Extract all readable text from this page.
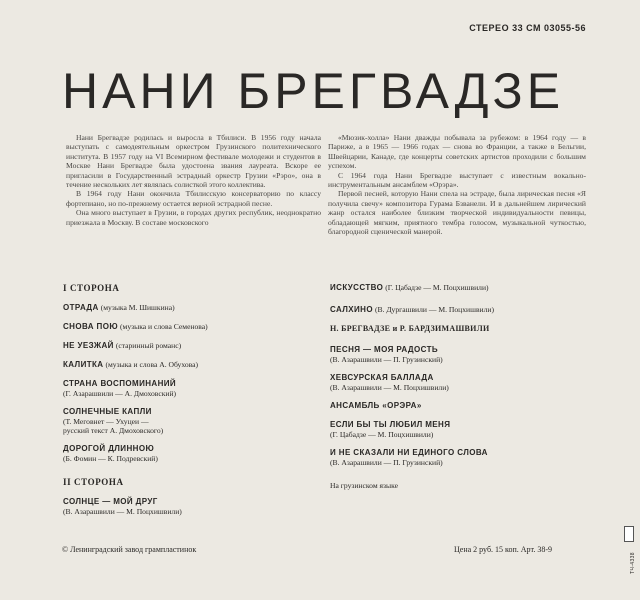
СТЕРЕО 33 СМ 03055-56
НАНИ БРЕГВАДЗЕ

Нани Брегвадзе родилась и выросла в Тбилиси. В 1956 году начала выступать с самодеятельным оркестром Грузинского политехнического института. В 1957 году на VI Всемирном фестивале молодежи и студентов в Москве Нани Брегвадзе была удостоена звания лауреата. Вскоре ее пригласили в Государственный эстрадный оркестр Грузии «Рэро», она в течение нескольких лет являлась солисткой этого коллектива.

В 1964 году Нани окончила Тбилисскую консерваторию по классу фортепиано, но по-прежнему остается верной эстрадной песне.

Она много выступает в Грузии, в городах других республик, неоднократно приезжала в Москву. В составе московского

«Мюзик-холла» Нани дважды побывала за рубежом: в 1964 году — в Париже, а в 1965 — 1966 годах — снова во Франции, а также в Бельгии, Швейцарии, Канаде, где концерты советских артистов проходили с большим успехом.

С 1964 года Нани Брегвадзе выступает с известным вокально-инструментальным ансамблем «Орэра».

Первой песней, которую Нани спела на эстраде, была лирическая песня «Я получила свечу» композитора Гурама Бзванели. И в дальнейшем лирический жанр остался наиболее близким творческой индивидуальности певицы, обладающей мягким, приятного тембра голосом, музыкальной чуткостью, благородной сценической манерой.

I СТОРОНА
ОТРАДА (музыка М. Шишкина)
СНОВА ПОЮ (музыка и слова Семенова)
НЕ УЕЗЖАЙ (старинный романс)
КАЛИТКА (музыка и слова А. Обухова)
СТРАНА ВОСПОМИНАНИЙ
(Г. Азарашвили — А. Дмоховский)
СОЛНЕЧНЫЕ КАПЛИ
(Т. Меговнет — Ухуцеи —
русский текст А. Дмоховского)
ДОРОГОЙ ДЛИННОЮ
(Б. Фомин — К. Подревский)
II СТОРОНА
СОЛНЦЕ — МОЙ ДРУГ
(В. Азарашвили — М. Поцхишвили)
ИСКУССТВО (Г. Цабадзе — М. Поцхишвили)
САЛХИНО (В. Дургашвили — М. Поцхишвили)
Н. БРЕГВАДЗЕ и Р. БАРДЗИМАШВИЛИ
ПЕСНЯ — МОЯ РАДОСТЬ
(В. Азарашвили — П. Грузинский)
ХЕВСУРСКАЯ БАЛЛАДА
(В. Азарашвили — М. Поцхишвили)
АНСАМБЛЬ «ОРЭРА»
ЕСЛИ БЫ ТЫ ЛЮБИЛ МЕНЯ
(Г. Цабадзе — М. Поцхишвили)
И НЕ СКАЗАЛИ НИ ЕДИНОГО СЛОВА
(В. Азарашвили — П. Грузинский)
На грузинском языке
© Ленинградский завод грампластинок	Цена 2 руб. 15 коп. Арт. 38-9
ТЧ-4338
